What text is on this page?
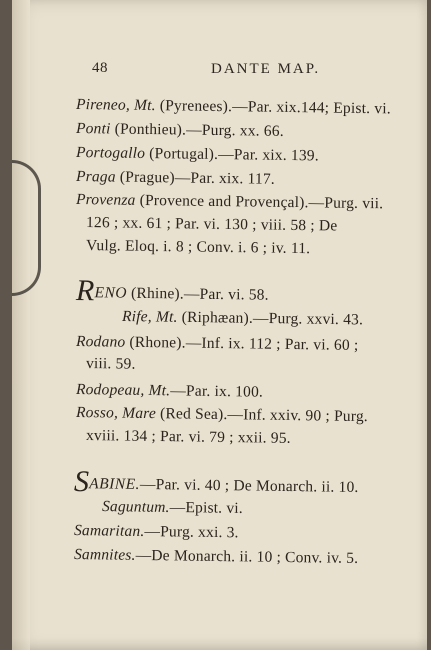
48	DANTE MAP.
Pireneo, Mt. (Pyrenees).—Par. xix.144; Epist. vi.
Ponti (Ponthieu).—Purg. xx. 66.
Portogallo (Portugal).—Par. xix. 139.
Praga (Prague)—Par. xix. 117.
Provenza (Provence and Provençal).—Purg. vii.
126 ; xx. 61 ; Par. vi. 130 ; viii. 58 ; De
Vulg. Eloq. i. 8 ; Conv. i. 6 ; iv. 11.
RENO (Rhine).—Par. vi. 58.
Rife, Mt. (Riphæan).—Purg. xxvi. 43.
Rodano (Rhone).—Inf. ix. 112 ; Par. vi. 60 ;
viii. 59.
Rodopeau, Mt.—Par. ix. 100.
Rosso, Mare (Red Sea).—Inf. xxiv. 90 ; Purg.
xviii. 134 ; Par. vi. 79 ; xxii. 95.
SABINE.—Par. vi. 40 ; De Monarch. ii. 10.
Saguntum.—Epist. vi.
Samaritan.—Purg. xxi. 3.
Samnites.—De Monarch. ii. 10 ; Conv. iv. 5.
